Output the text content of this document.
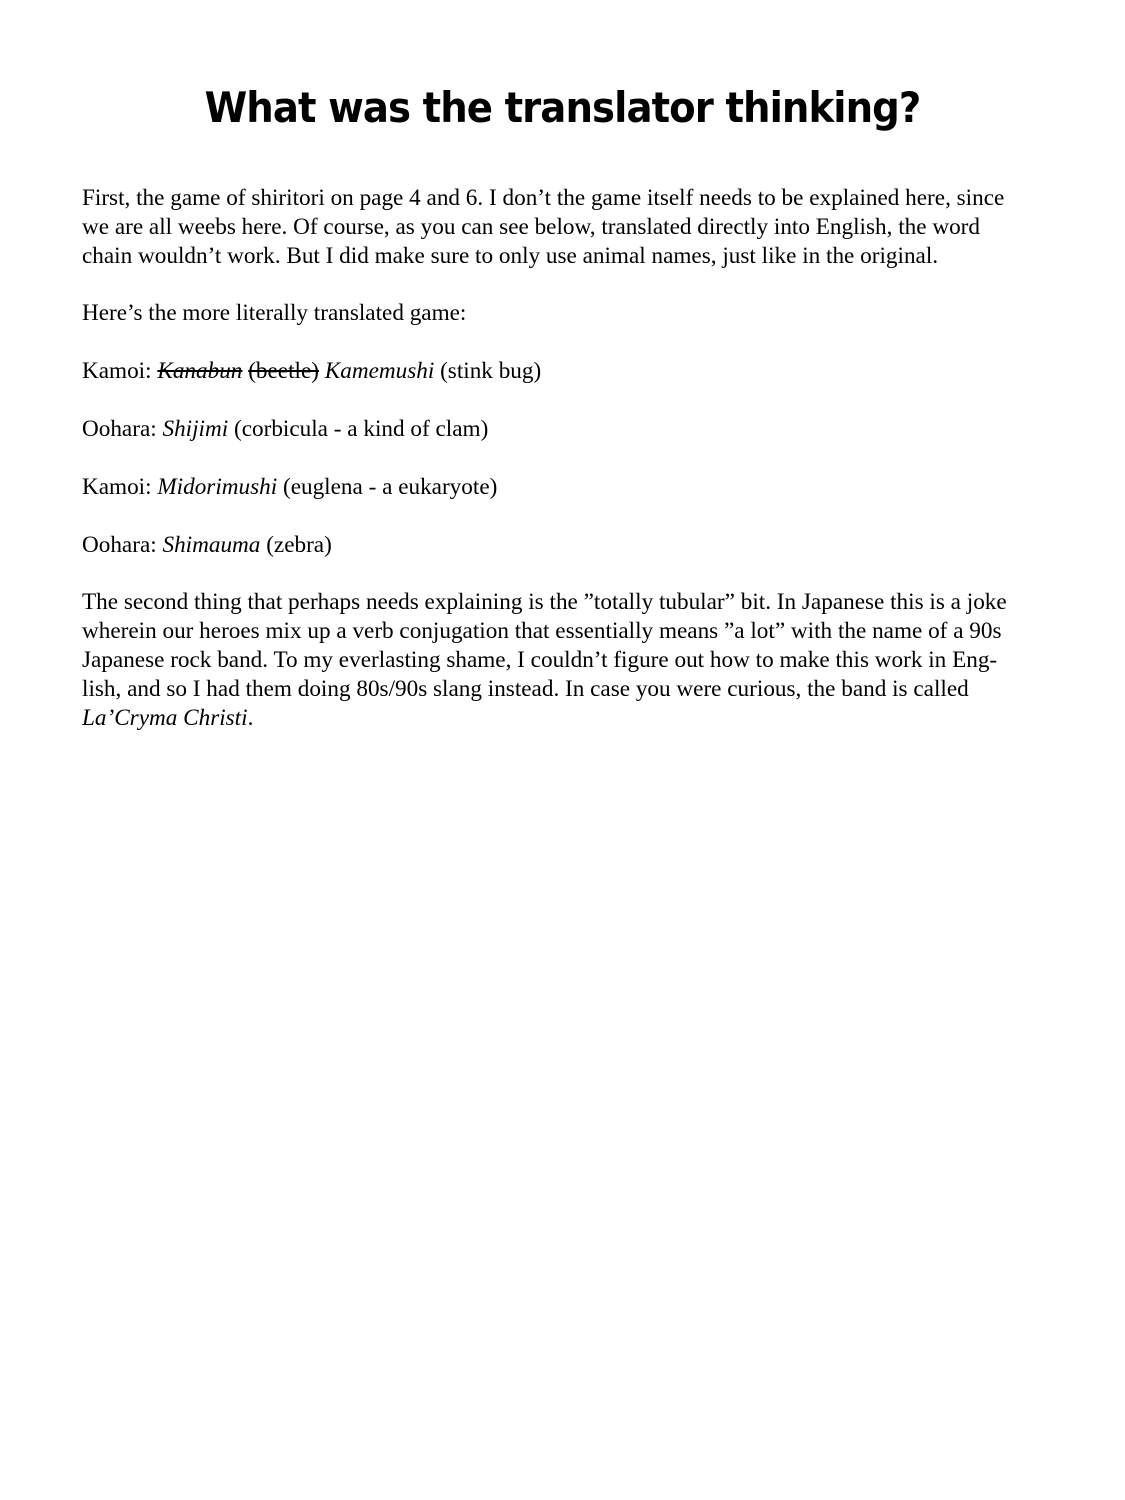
What was the translator thinking?

First, the game of shiritori on page 4 and 6. I don’t the game itself needs to be explained here, since
we are all weebs here. Of course, as you can see below, translated directly into English, the word
chain wouldn’t work. But I did make sure to only use animal names, just like in the original.

Here’s the more literally translated game:

Kamoi: Kanabun (beetle) Kamemushi (stink bug)

Oohara: Shijimi (corbicula - a kind of clam)

Kamoi: Midorimushi (euglena - a eukaryote)

Oohara: Shimauma (zebra)

The second thing that perhaps needs explaining is the ”totally tubular” bit. In Japanese this is a joke
wherein our heroes mix up a verb conjugation that essentially means ”a lot” with the name of a 90s
Japanese rock band. To my everlasting shame, I couldn’t figure out how to make this work in Eng-
lish, and so I had them doing 80s/90s slang instead. In case you were curious, the band is called
La’Cryma Christi.
